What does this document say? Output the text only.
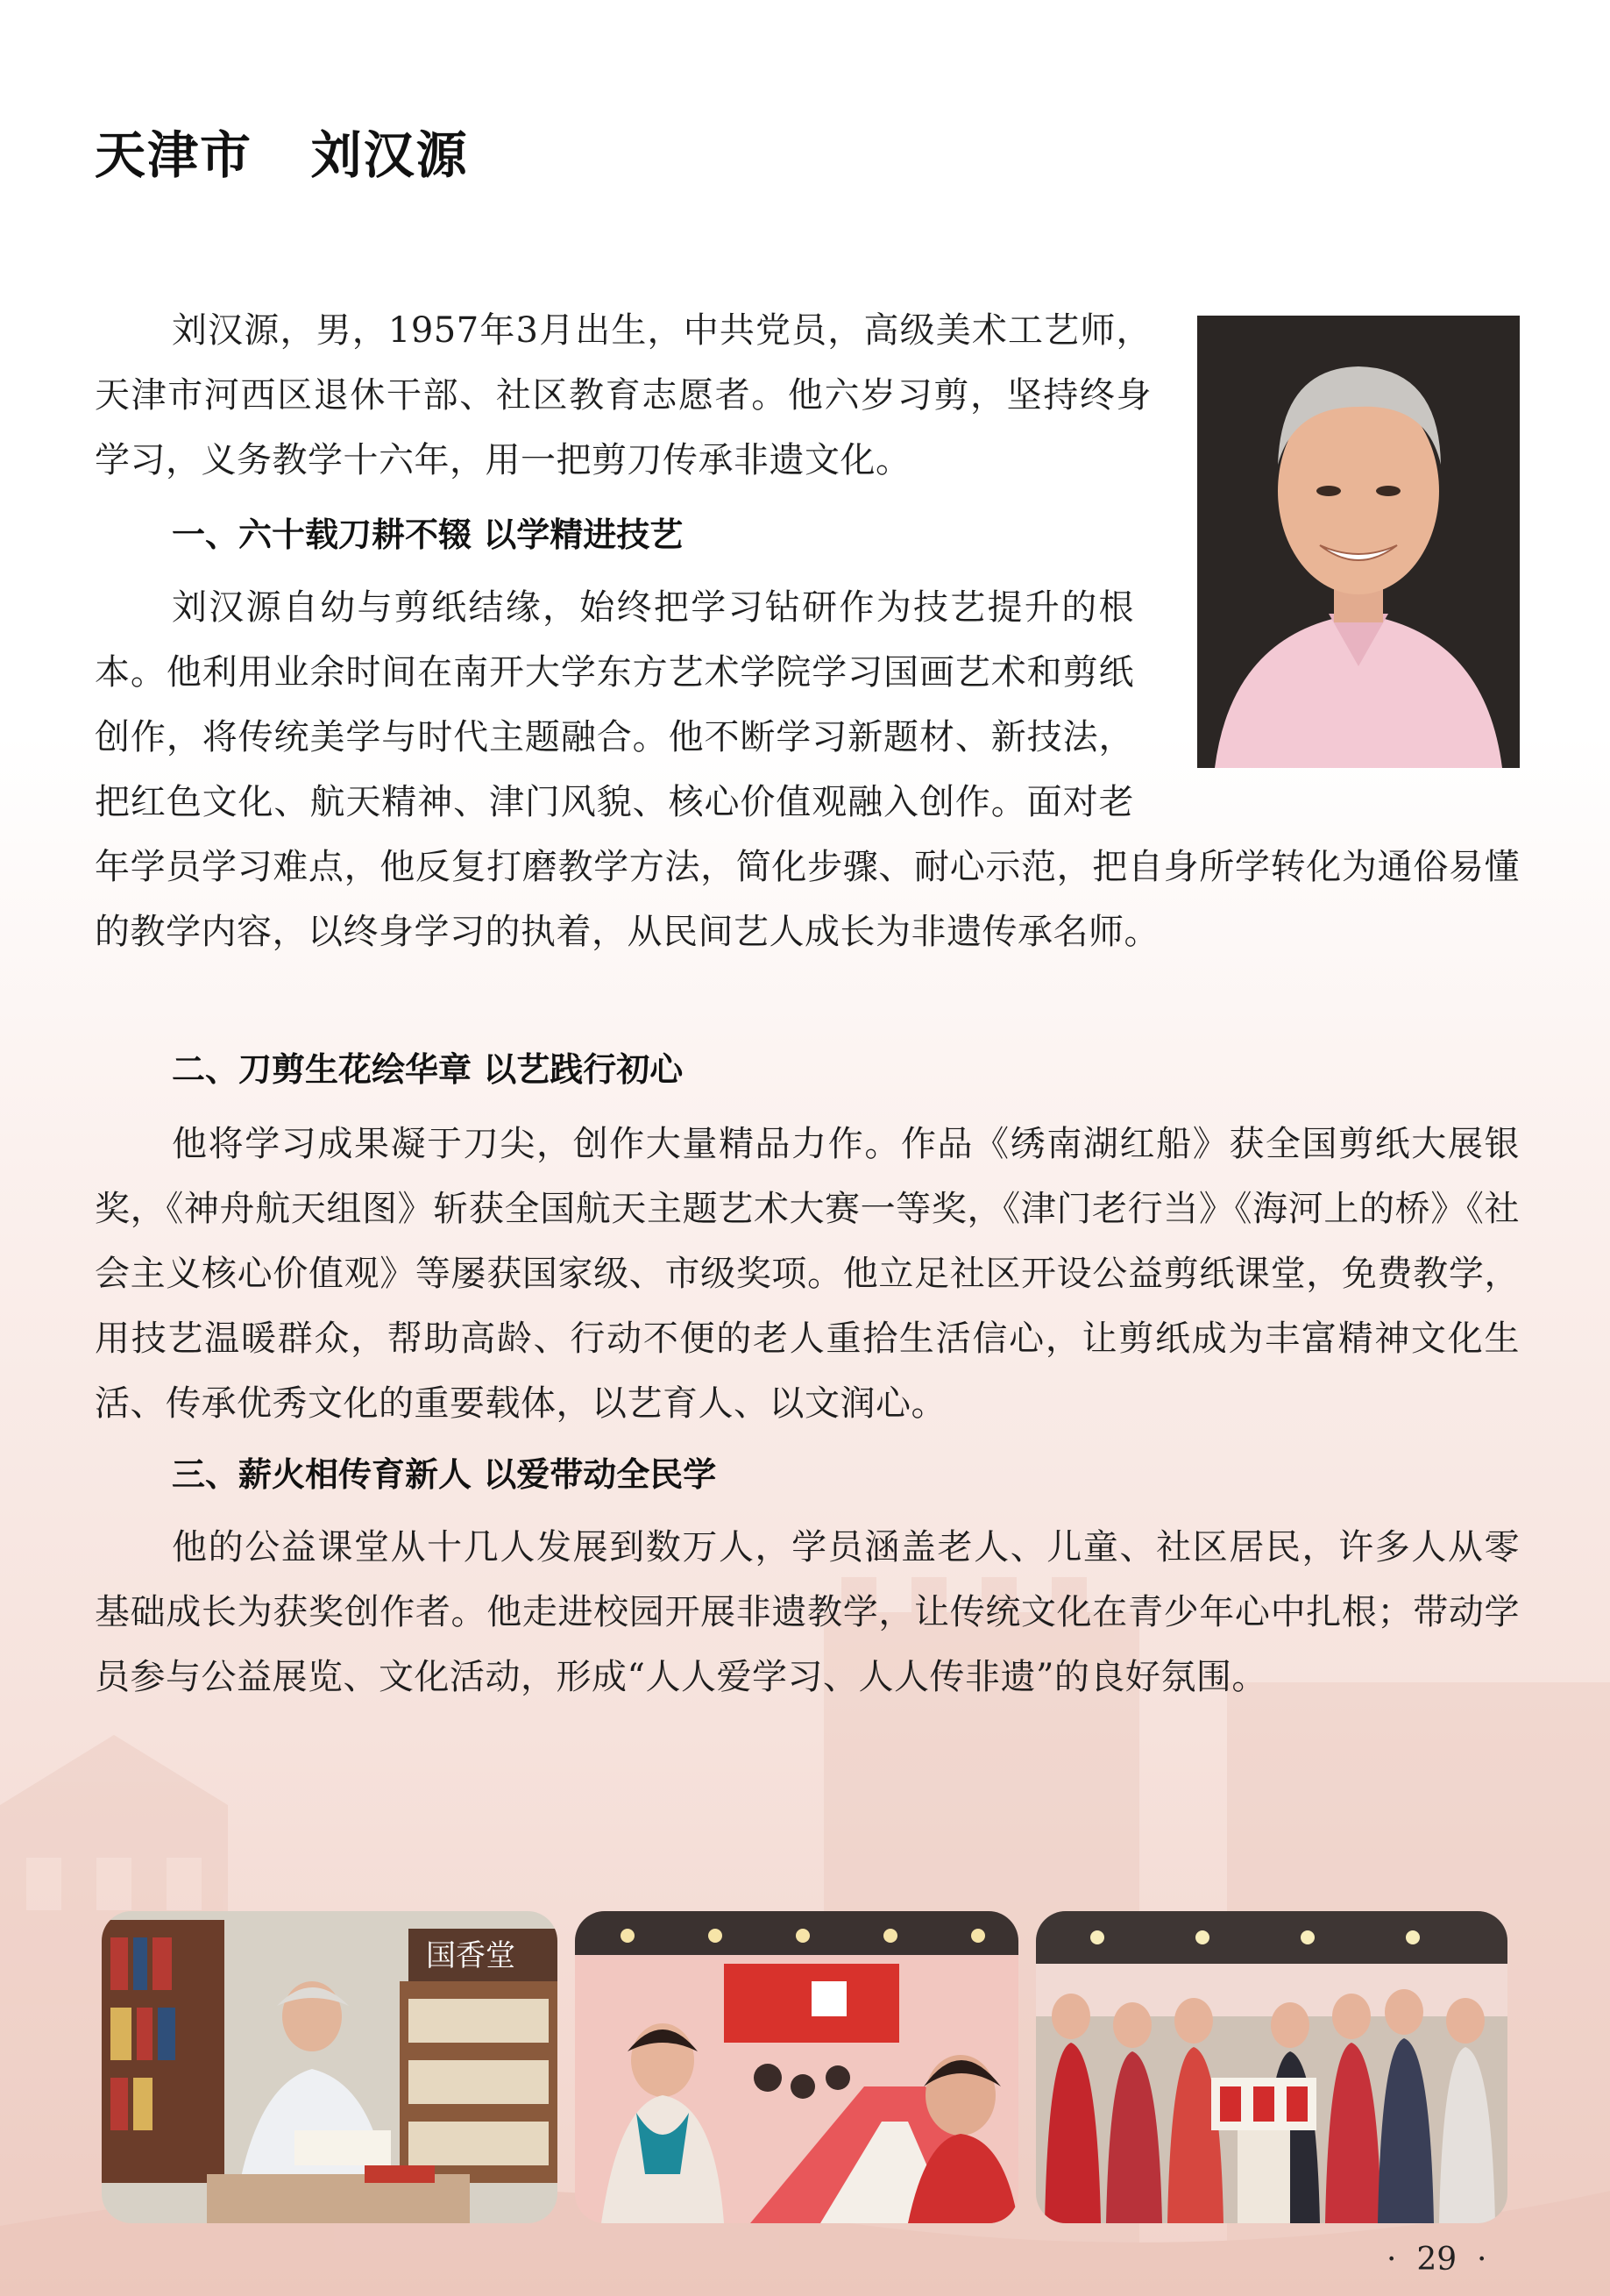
天津市   刘汉源

刘汉源，男，1957年3月出生，中共党员，高级美术工艺师，天津市河西区退休干部、社区教育志愿者。他六岁习剪，坚持终身学习，义务教学十六年，用一把剪刀传承非遗文化。

一、六十载刀耕不辍 以学精进技艺

刘汉源自幼与剪纸结缘，始终把学习钻研作为技艺提升的根本。他利用业余时间在南开大学东方艺术学院学习国画艺术和剪纸创作，将传统美学与时代主题融合。他不断学习新题材、新技法，把红色文化、航天精神、津门风貌、核心价值观融入创作。面对老年学员学习难点，他反复打磨教学方法，简化步骤、耐心示范，把自身所学转化为通俗易懂的教学内容，以终身学习的执着，从民间艺人成长为非遗传承名师。

二、刀剪生花绘华章 以艺践行初心

他将学习成果凝于刀尖，创作大量精品力作。作品《绣南湖红船》获全国剪纸大展银奖，《神舟航天组图》斩获全国航天主题艺术大赛一等奖，《津门老行当》《海河上的桥》《社会主义核心价值观》等屡获国家级、市级奖项。他立足社区开设公益剪纸课堂，免费教学，用技艺温暖群众，帮助高龄、行动不便的老人重拾生活信心，让剪纸成为丰富精神文化生活、传承优秀文化的重要载体，以艺育人、以文润心。

三、薪火相传育新人 以爱带动全民学

他的公益课堂从十几人发展到数万人，学员涵盖老人、儿童、社区居民，许多人从零基础成长为获奖创作者。他走进校园开展非遗教学，让传统文化在青少年心中扎根；带动学员参与公益展览、文化活动，形成“人人爱学习、人人传非遗”的良好氛围。

国香堂
·  29  ·
